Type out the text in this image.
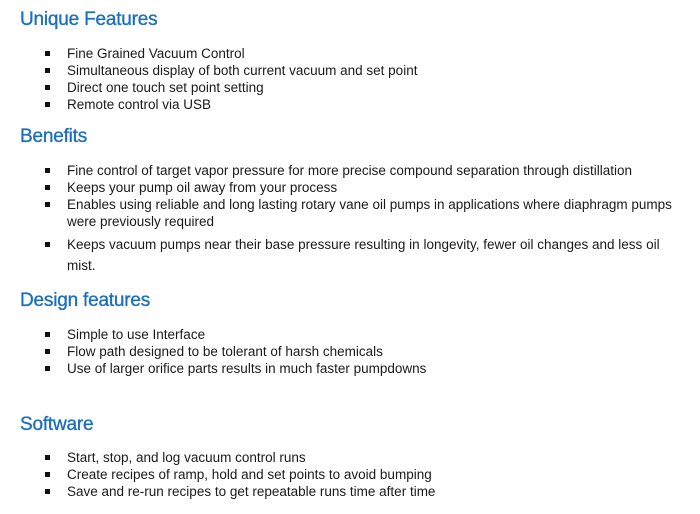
Unique Features
Fine Grained Vacuum Control
Simultaneous display of both current vacuum and set point
Direct one touch set point setting
Remote control via USB
Benefits
Fine control of target vapor pressure for more precise compound separation through distillation
Keeps your pump oil away from your process
Enables using reliable and long lasting rotary vane oil pumps in applications where diaphragm pumps were previously required
Keeps vacuum pumps near their base pressure resulting in longevity, fewer oil changes and less oil mist.
Design features
Simple to use Interface
Flow path designed to be tolerant of harsh chemicals
Use of larger orifice parts results in much faster pumpdowns
Software
Start, stop, and log vacuum control runs
Create recipes of ramp, hold and set points to avoid bumping
Save and re-run recipes to get repeatable runs time after time
